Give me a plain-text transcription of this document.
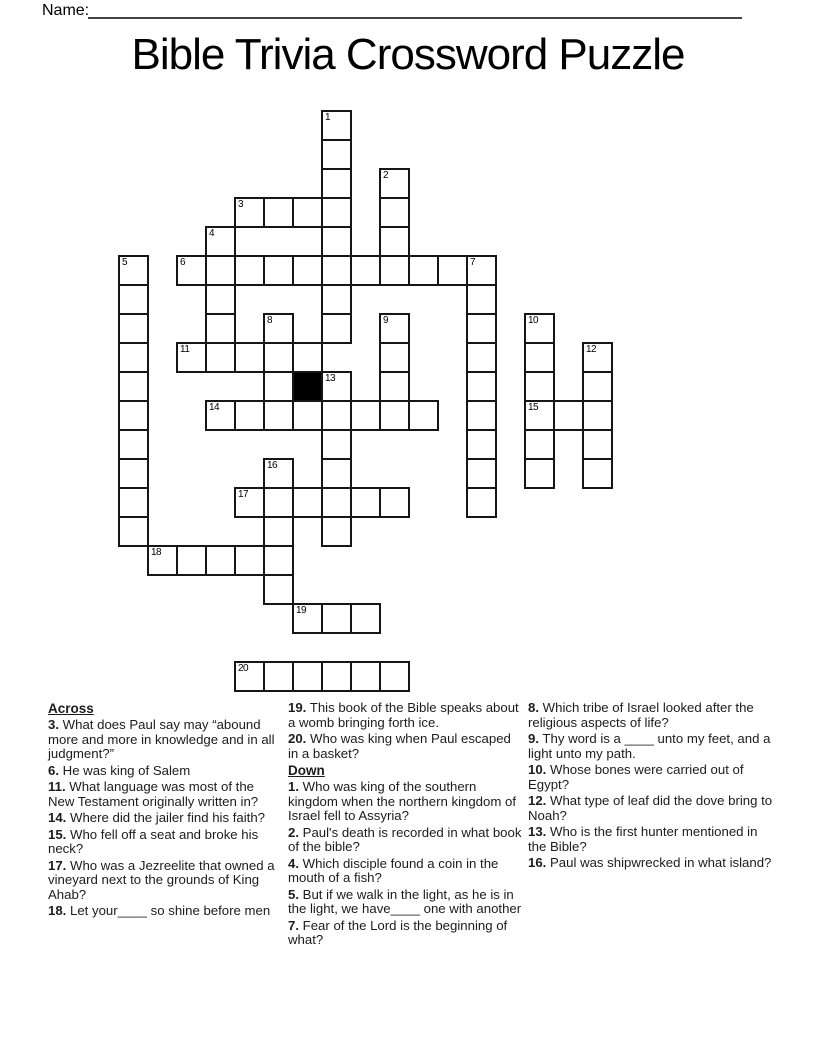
Name:
Bible Trivia Crossword Puzzle
1
2
3
4
5	6	7
8	9	10
11	12
13
14	15
16
17
18
19
20
Across
3. What does Paul say may “abound more and more in knowledge and in all judgment?”
6. He was king of Salem
11. What language was most of the New Testament originally written in?
14. Where did the jailer find his faith?
15. Who fell off a seat and broke his neck?
17. Who was a Jezreelite that owned a vineyard next to the grounds of King Ahab?
18. Let your____ so shine before men
19. This book of the Bible speaks about a womb bringing forth ice.
20. Who was king when Paul escaped in a basket?
Down
1. Who was king of the southern kingdom when the northern kingdom of Israel fell to Assyria?
2. Paul's death is recorded in what book of the bible?
4. Which disciple found a coin in the mouth of a fish?
5. But if we walk in the light, as he is in the light, we have____ one with another
7. Fear of the Lord is the beginning of what?
8. Which tribe of Israel looked after the religious aspects of life?
9. Thy word is a ____ unto my feet, and a light unto my path.
10. Whose bones were carried out of Egypt?
12. What type of leaf did the dove bring to Noah?
13. Who is the first hunter mentioned in the Bible?
16. Paul was shipwrecked in what island?
